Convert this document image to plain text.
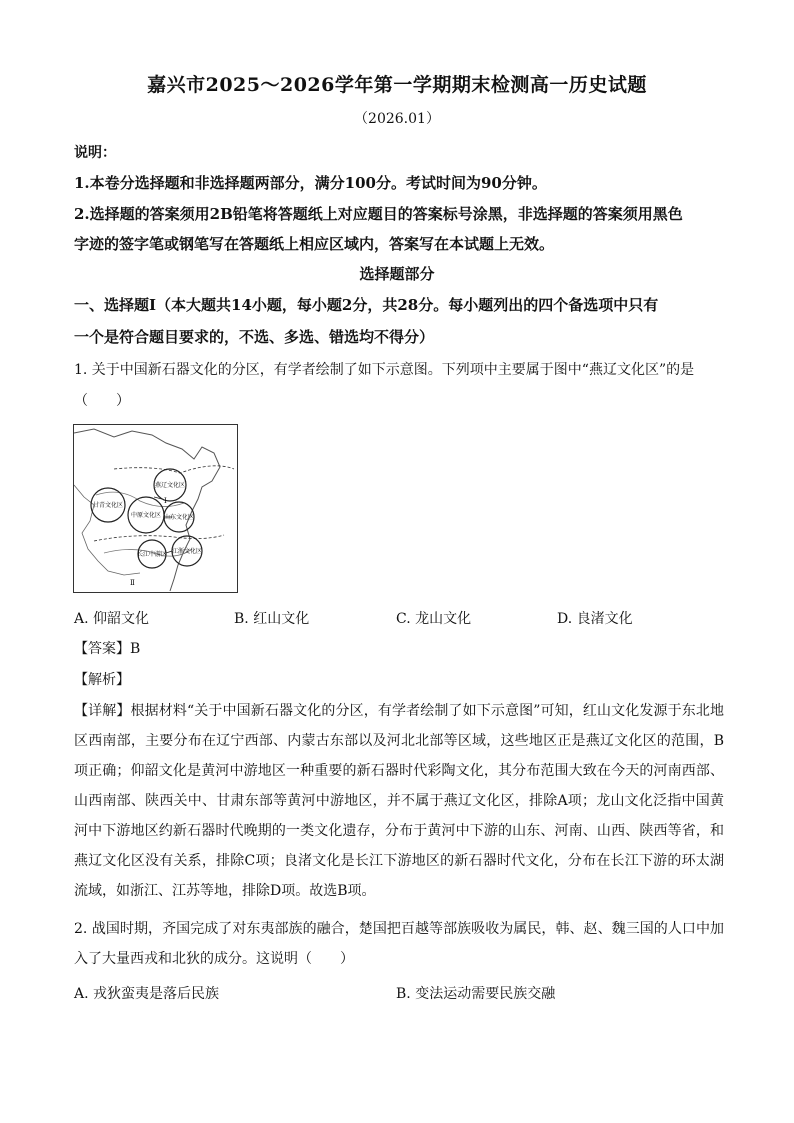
嘉兴市2025～2026学年第一学期期末检测高一历史试题
（2026.01）
说明：
1.本卷分选择题和非选择题两部分，满分100分。考试时间为90分钟。
2.选择题的答案须用2B铅笔将答题纸上对应题目的答案标号涂黑，非选择题的答案须用黑色
字迹的签字笔或钢笔写在答题纸上相应区域内，答案写在本试题上无效。
选择题部分
一、选择题Ⅰ（本大题共14小题，每小题2分，共28分。每小题列出的四个备选项中只有
一个是符合题目要求的，不选、多选、错选均不得分）
1. 关于中国新石器文化的分区，有学者绘制了如下示意图。下列项中主要属于图中“燕辽文化区”的是
（　　）
燕辽文化区
甘青文化区
中原文化区 山东文化区
江浙文化区
长江中游区
Ⅰ
Ⅱ
A. 仰韶文化	B. 红山文化	C. 龙山文化	D. 良渚文化
【答案】B
【解析】
【详解】根据材料“关于中国新石器文化的分区，有学者绘制了如下示意图”可知，红山文化发源于东北地区西南部，主要分布在辽宁西部、内蒙古东部以及河北北部等区域，这些地区正是燕辽文化区的范围，B项正确；仰韶文化是黄河中游地区一种重要的新石器时代彩陶文化，其分布范围大致在今天的河南西部、山西南部、陕西关中、甘肃东部等黄河中游地区，并不属于燕辽文化区，排除A项；龙山文化泛指中国黄河中下游地区约新石器时代晚期的一类文化遗存，分布于黄河中下游的山东、河南、山西、陕西等省，和燕辽文化区没有关系，排除C项；良渚文化是长江下游地区的新石器时代文化，分布在长江下游的环太湖流域，如浙江、江苏等地，排除D项。故选B项。
2. 战国时期，齐国完成了对东夷部族的融合，楚国把百越等部族吸收为属民，韩、赵、魏三国的人口中加入了大量西戎和北狄的成分。这说明（　　）
A. 戎狄蛮夷是落后民族	B. 变法运动需要民族交融
